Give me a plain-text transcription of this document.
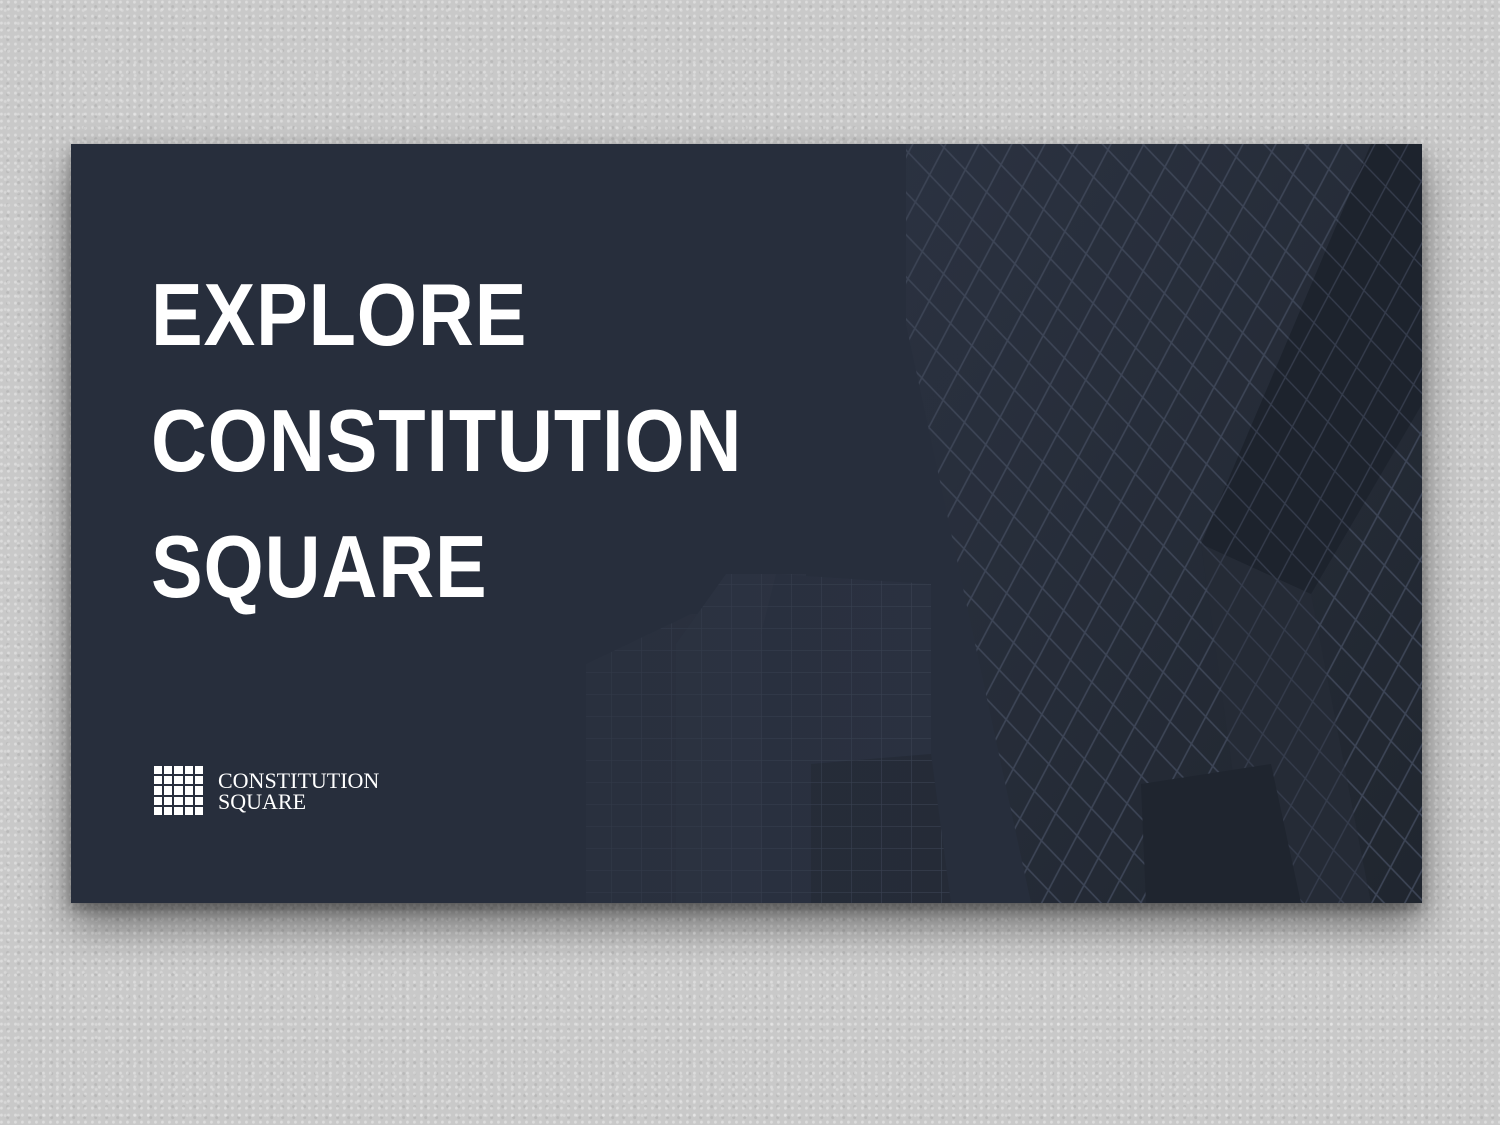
EXPLORE
CONSTITUTION
SQUARE
CONSTITUTION
SQUARE
